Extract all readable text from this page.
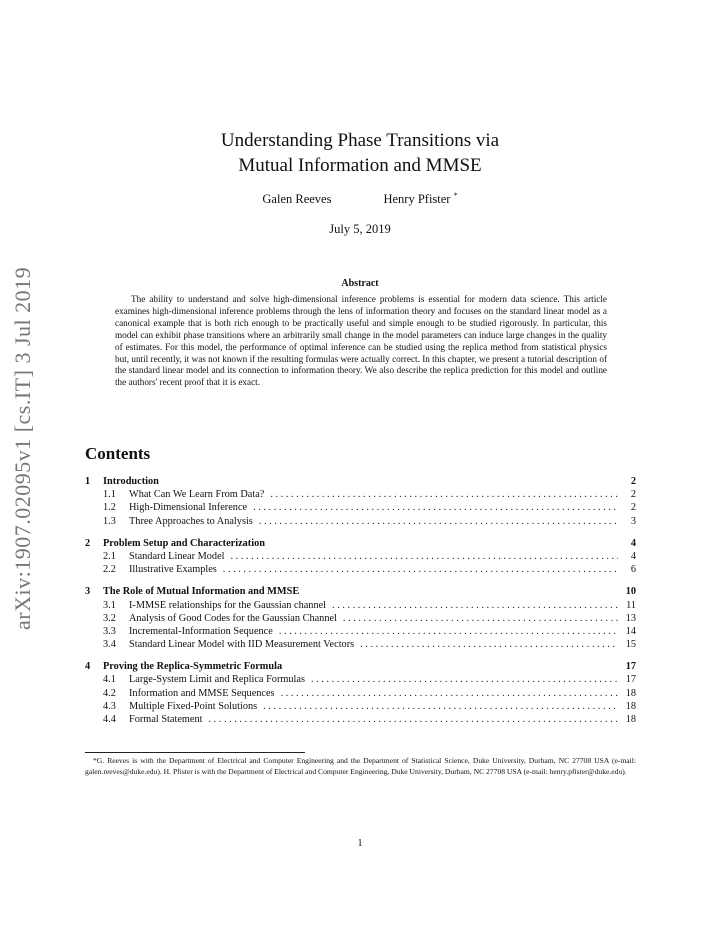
arXiv:1907.02095v1 [cs.IT] 3 Jul 2019
Understanding Phase Transitions via
Mutual Information and MMSE
Galen Reeves	Henry Pfister *
July 5, 2019
Abstract
The ability to understand and solve high-dimensional inference problems is essential for modern data science. This article examines high-dimensional inference problems through the lens of information theory and focuses on the standard linear model as a canonical example that is both rich enough to be practically useful and simple enough to be studied rigorously. In particular, this model can exhibit phase transitions where an arbitrarily small change in the model parameters can induce large changes in the quality of estimates. For this model, the performance of optimal inference can be studied using the replica method from statistical physics but, until recently, it was not known if the resulting formulas were actually correct. In this chapter, we present a tutorial description of the standard linear model and its connection to information theory. We also describe the replica prediction for this model and outline the authors' recent proof that it is exact.
Contents
1	Introduction	2
1.1	What Can We Learn From Data? . . .	2
1.2	High-Dimensional Inference . . .	2
1.3	Three Approaches to Analysis . . .	3
2	Problem Setup and Characterization	4
2.1	Standard Linear Model . . .	4
2.2	Illustrative Examples . . .	6
3	The Role of Mutual Information and MMSE	10
3.1	I-MMSE relationships for the Gaussian channel . . .	11
3.2	Analysis of Good Codes for the Gaussian Channel . . .	13
3.3	Incremental-Information Sequence . . .	14
3.4	Standard Linear Model with IID Measurement Vectors . . .	15
4	Proving the Replica-Symmetric Formula	17
4.1	Large-System Limit and Replica Formulas . . .	17
4.2	Information and MMSE Sequences . . .	18
4.3	Multiple Fixed-Point Solutions . . .	18
4.4	Formal Statement . . .	18
*G. Reeves is with the Department of Electrical and Computer Engineering and the Department of Statistical Science, Duke University, Durham, NC 27708 USA (e-mail: galen.reeves@duke.edu). H. Pfister is with the Department of Electrical and Computer Engineering, Duke University, Durham, NC 27708 USA (e-mail: henry.pfister@duke.edu).
1
